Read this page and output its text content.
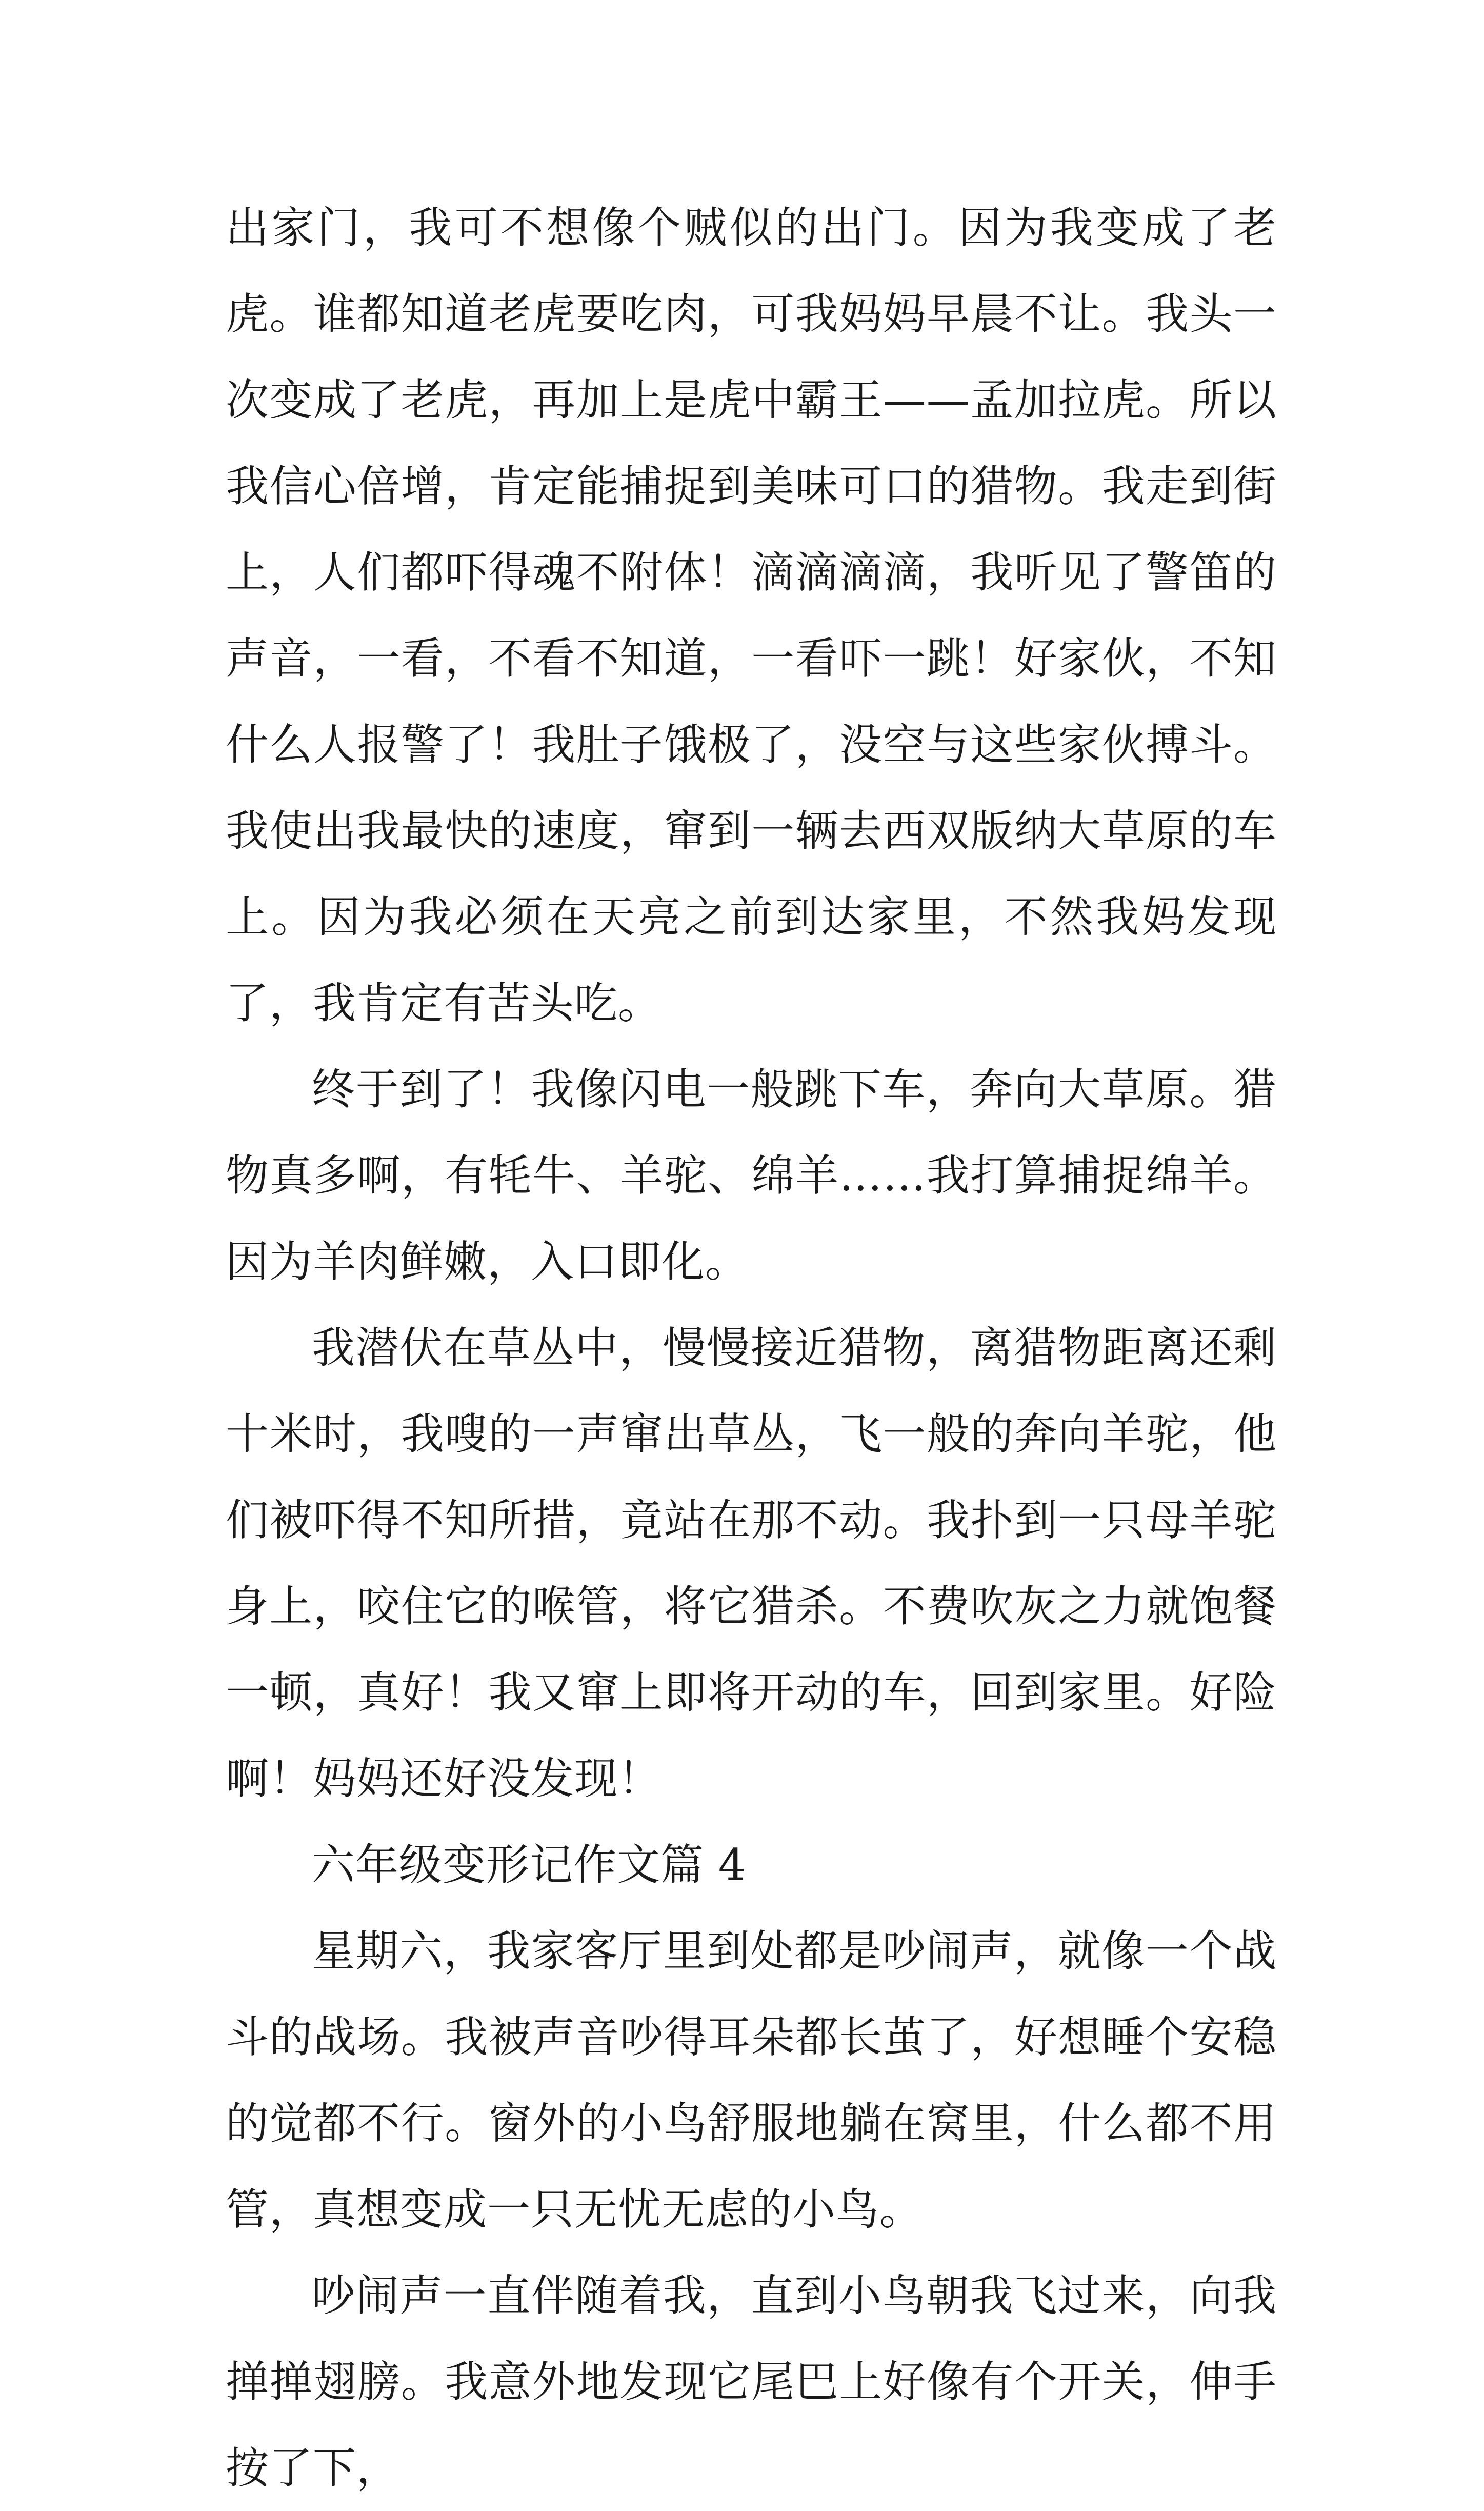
出家门，我可不想像个贼似的出门。因为我变成了老虎。谁都知道老虎要吃肉，可我妈妈早晨不让。我头一次变成了老虎，再加上是虎中霸王——孟加拉虎。所以我信心倍增，肯定能捕捉到美味可口的猎物。我走到街上，人们都吓得魂不附体！滴滴滴滴，我听见了警笛的声音，一看，不看不知道，一看吓一跳！好家伙，不知什么人报警了！我肚子饿极了，没空与这些家伙搏斗。我使出我最快的速度，窜到一辆去西双版纳大草原的车上。因为我必须在天亮之前到达家里，不然我妈发现了，我肯定有苦头吃。

终于到了！我像闪电一般跳下车，奔向大草原。猎物真多啊，有牦牛、羊驼、绵羊……我打算捕捉绵羊。因为羊肉鲜嫩，入口即化。

我潜伏在草丛中，慢慢接近猎物，离猎物距离还剩十米时，我嗖的一声窜出草丛，飞一般的奔向羊驼，他们被吓得不知所措，竟站在那不动。我扑到一只母羊驼身上，咬住它的喉管，将它猎杀。不费吹灰之力就饱餐一顿，真好！我又窜上即将开动的车，回到家里。好险啊！妈妈还好没发现！

六年级变形记作文篇 4

星期六，我家客厅里到处都是吵闹声，就像一个战斗的战场。我被声音吵得耳朵都长茧了，好想睡个安稳的觉都不行。窗外的小鸟舒服地躺在窝里，什么都不用管，真想变成一只无忧无虑的小鸟。

吵闹声一直伴随着我，直到小鸟朝我飞过来，向我掸掸翅膀。我意外地发现它尾巴上好像有个开关，伸手按了下，
